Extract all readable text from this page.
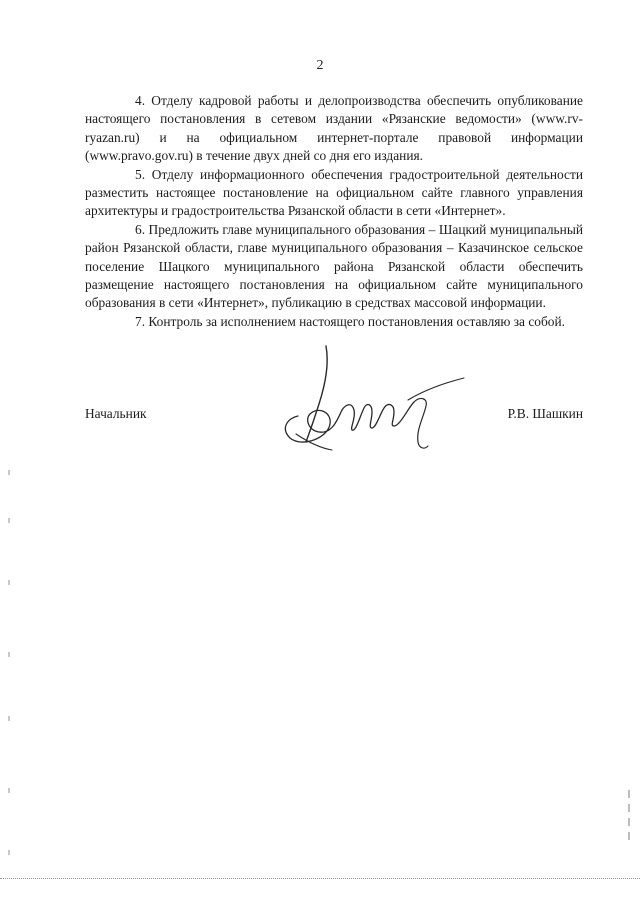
2

4. Отделу кадровой работы и делопроизводства обеспечить опубликование настоящего постановления в сетевом издании «Рязанские ведомости» (www.rv-ryazan.ru) и на официальном интернет-портале правовой информации (www.pravo.gov.ru) в течение двух дней со дня его издания.

5. Отделу информационного обеспечения градостроительной деятельности разместить настоящее постановление на официальном сайте главного управления архитектуры и градостроительства Рязанской области в сети «Интернет».

6. Предложить главе муниципального образования – Шацкий муниципальный район Рязанской области, главе муниципального образования – Казачинское сельское поселение Шацкого муниципального района Рязанской области обеспечить размещение настоящего постановления на официальном сайте муниципального образования в сети «Интернет», публикацию в средствах массовой информации.

7. Контроль за исполнением настоящего постановления оставляю за собой.

Начальник	Р.В. Шашкин
